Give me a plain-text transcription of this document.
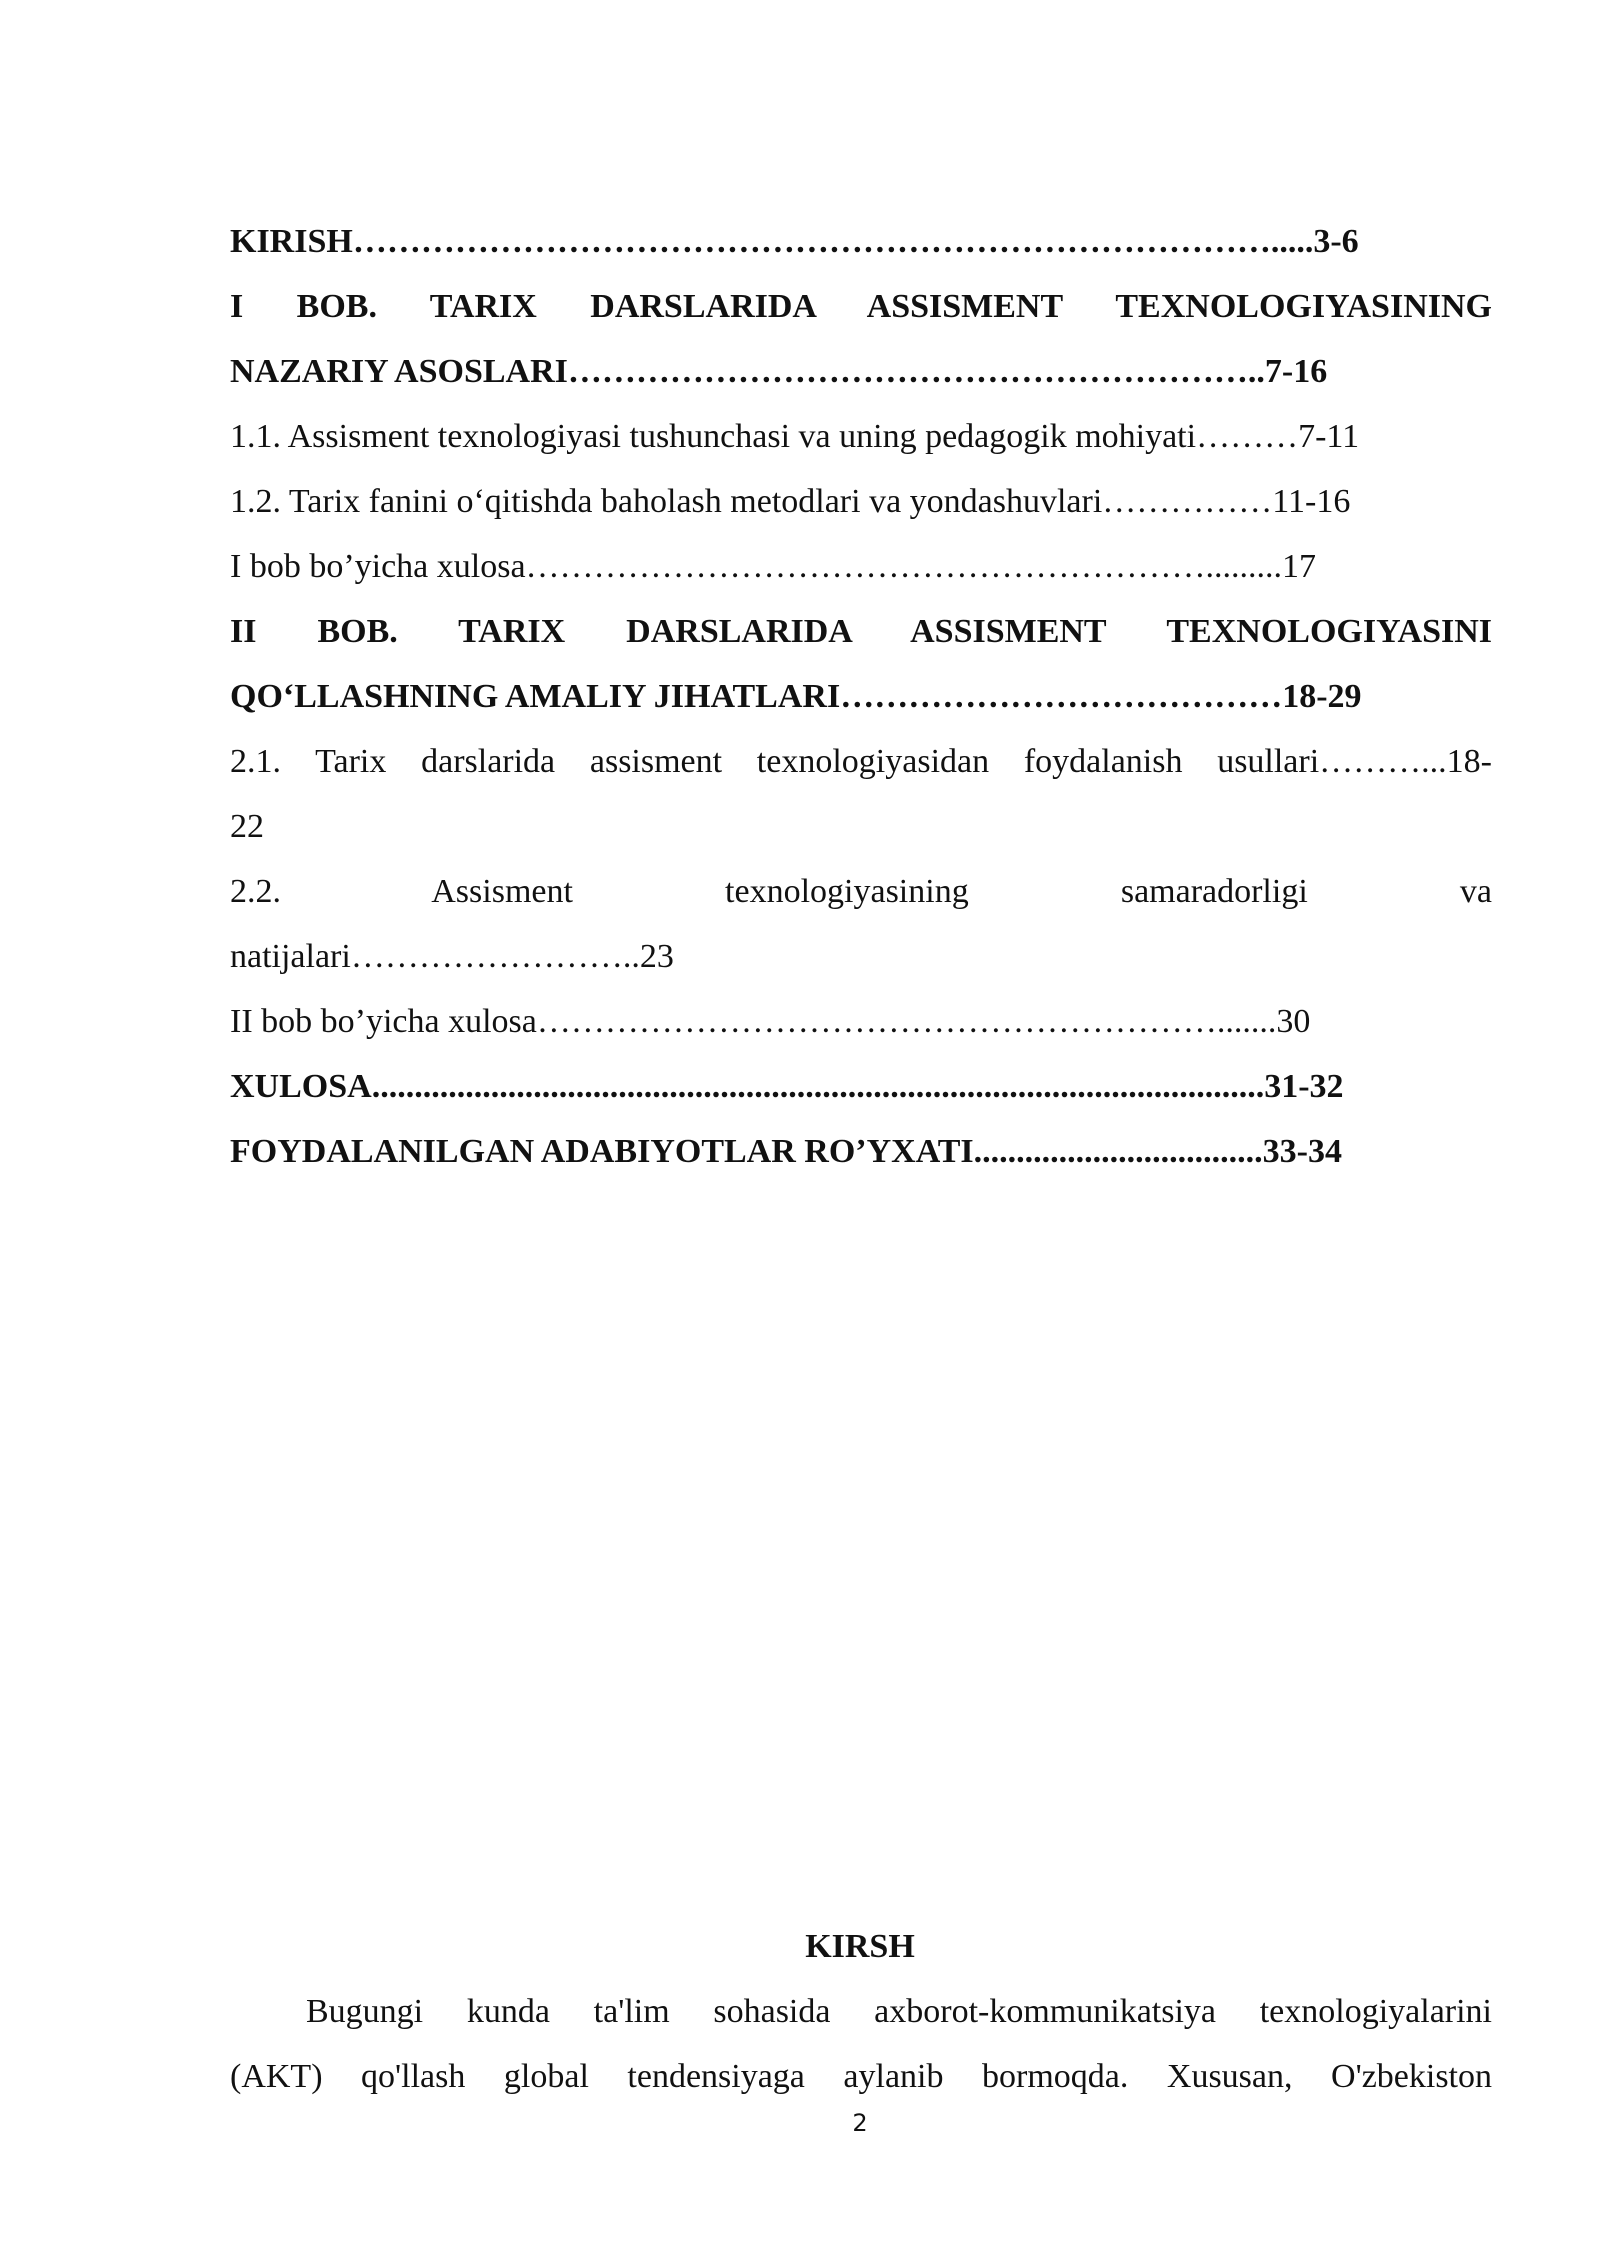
KIRISH……………………………………………………………………….....3-6
I BOB. TARIX DARSLARIDA ASSISMENT TEXNOLOGIYASINING
NAZARIY ASOSLARI……………………………………………………..7-16
1.1. Assisment texnologiyasi tushunchasi va uning pedagogik mohiyati………7-11
1.2. Tarix fanini o‘qitishda baholash metodlari va yondashuvlari……………11-16
I bob bo’yicha xulosa…………………………………………………….........17
II BOB. TARIX DARSLARIDA ASSISMENT TEXNOLOGIYASINI
QO‘LLASHNING AMALIY JIHATLARI…………………………………18-29
2.1. Tarix darslarida assisment texnologiyasidan foydalanish usullari………...18-
22
2.2. Assisment texnologiyasining samaradorligi va
natijalari……………………..23
II bob bo’yicha xulosa…………………………………………………….......30
XULOSA.........................................................................................................31-32
FOYDALANILGAN ADABIYOTLAR RO’YXATI..................................33-34
KIRSH
Bugungi kunda ta'lim sohasida axborot-kommunikatsiya texnologiyalarini
(AKT) qo'llash global tendensiyaga aylanib bormoqda. Xususan, O'zbekiston
2
